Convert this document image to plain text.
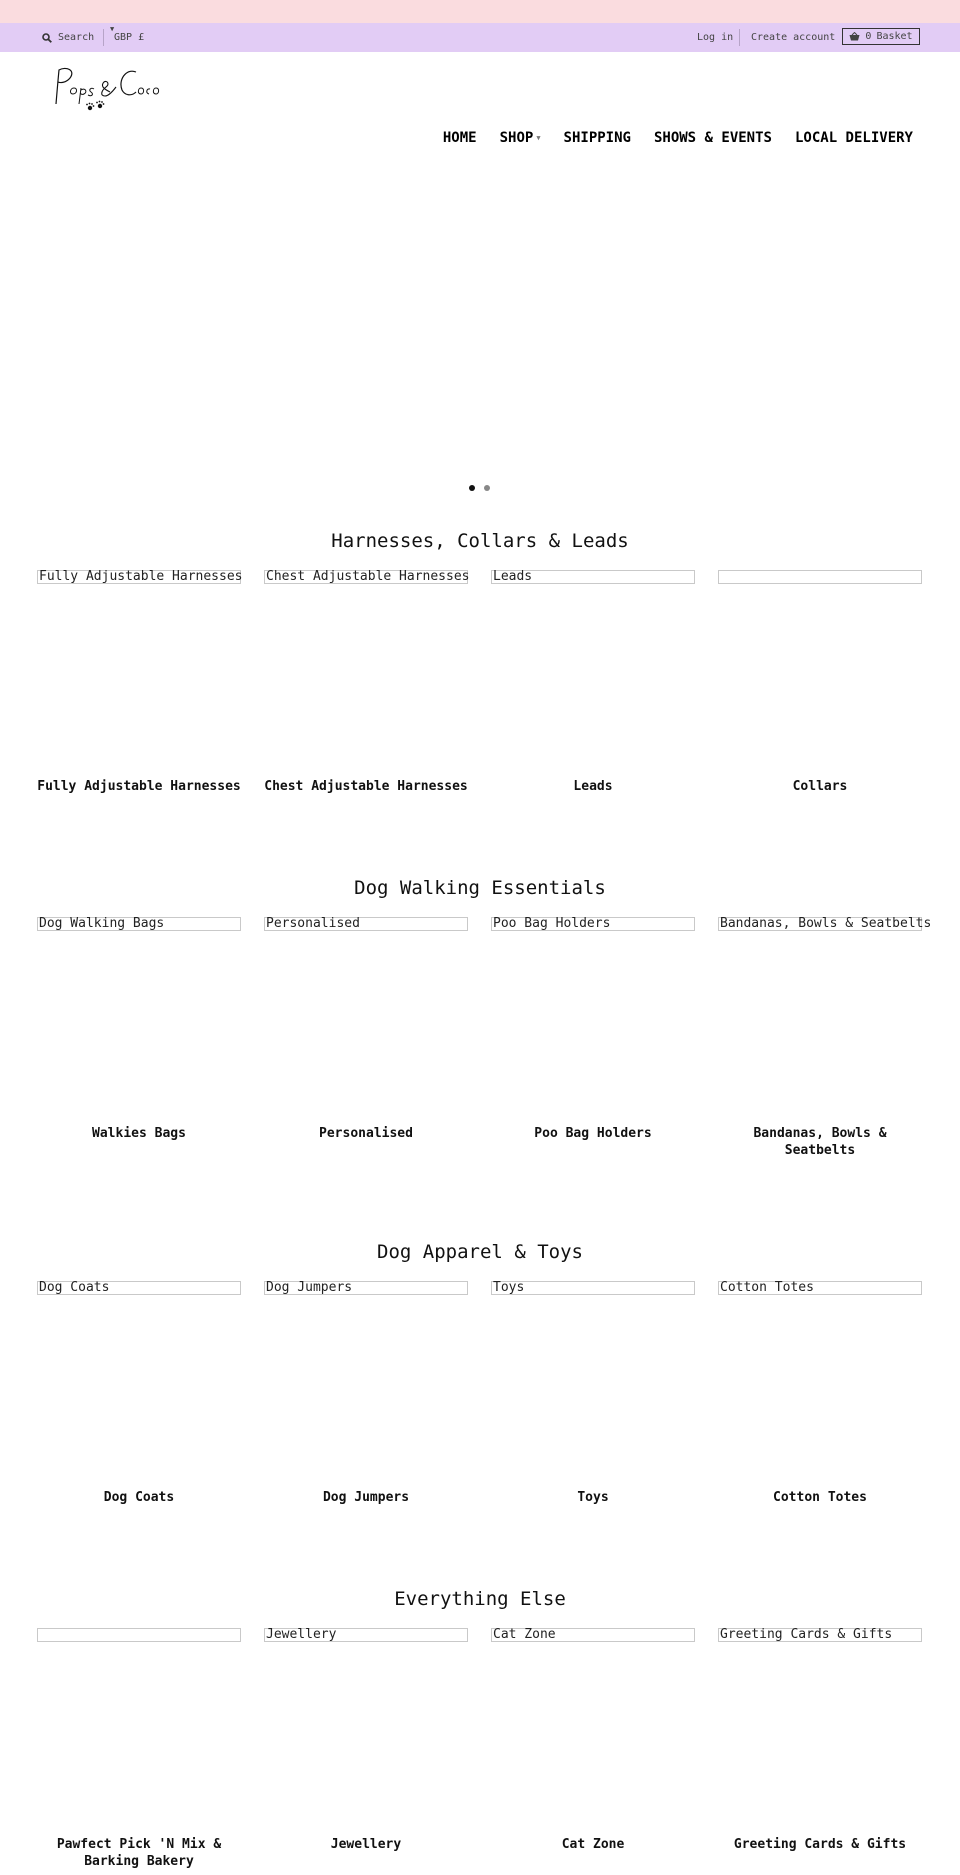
Search
▼
GBP £	Log in Create account	0 Basket
HOME SHOP ▼ SHIPPING SHOWS & EVENTS LOCAL DELIVERY
Harnesses, Collars & Leads
Fully Adjustable Harnesses
Fully Adjustable Harnesses
Chest Adjustable Harnesses
Chest Adjustable Harnesses
Leads
Leads	Collars
Dog Walking Essentials
Dog Walking Bags
Walkies Bags
Personalised
Personalised
Poo Bag Holders
Poo Bag Holders
Bandanas, Bowls & Seatbelts
Bandanas, Bowls & Seatbelts
Dog Apparel & Toys
Dog Coats
Dog Coats
Dog Jumpers
Dog Jumpers
Toys
Toys
Cotton Totes
Cotton Totes
Everything Else
Pawfect Pick 'N Mix & Barking Bakery
Jewellery
Jewellery
Cat Zone
Cat Zone
Greeting Cards & Gifts
Greeting Cards & Gifts
